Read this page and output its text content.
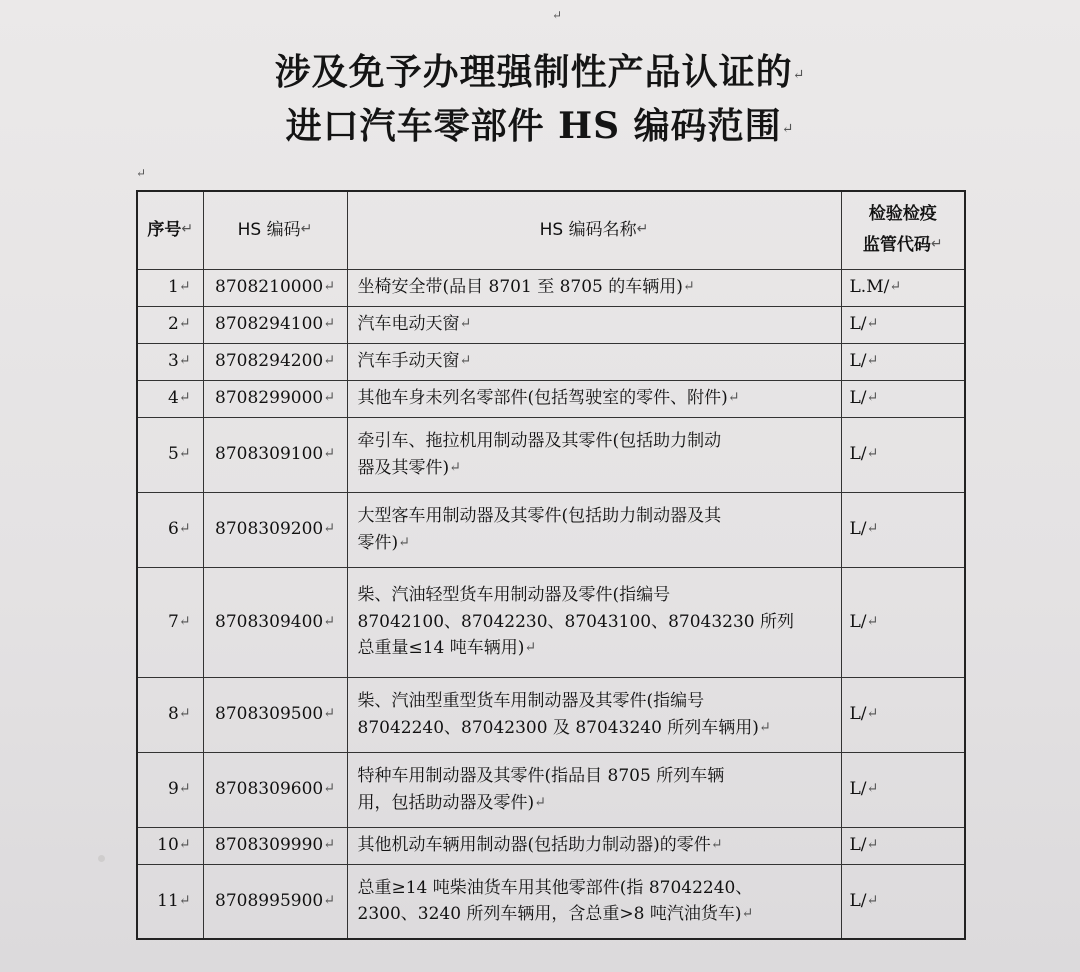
↵
↵
涉及免予办理强制性产品认证的↵
进口汽车零部件 HS 编码范围↵
序号↵	HS 编码↵	HS 编码名称↵	检验检疫
监管代码↵

1↵	8708210000↵	坐椅安全带(品目 8701 至 8705 的车辆用)↵	L.M/↵
2↵	8708294100↵	汽车电动天窗↵	L/↵
3↵	8708294200↵	汽车手动天窗↵	L/↵
4↵	8708299000↵	其他车身未列名零部件(包括驾驶室的零件、附件)↵	L/↵
5↵	8708309100↵	牵引车、拖拉机用制动器及其零件(包括助力制动
器及其零件)↵	L/↵
6↵	8708309200↵	大型客车用制动器及其零件(包括助力制动器及其
零件)↵	L/↵
7↵	8708309400↵	柴、汽油轻型货车用制动器及零件(指编号
87042100、87042230、87043100、87043230 所列
总重量≤14 吨车辆用)↵	L/↵
8↵	8708309500↵	柴、汽油型重型货车用制动器及其零件(指编号
87042240、87042300 及 87043240 所列车辆用)↵	L/↵
9↵	8708309600↵	特种车用制动器及其零件(指品目 8705 所列车辆
用，包括助动器及零件)↵	L/↵
10↵	8708309990↵	其他机动车辆用制动器(包括助力制动器)的零件↵	L/↵
11↵	8708995900↵	总重≥14 吨柴油货车用其他零部件(指 87042240、
2300、3240 所列车辆用，含总重>8 吨汽油货车)↵	L/↵
